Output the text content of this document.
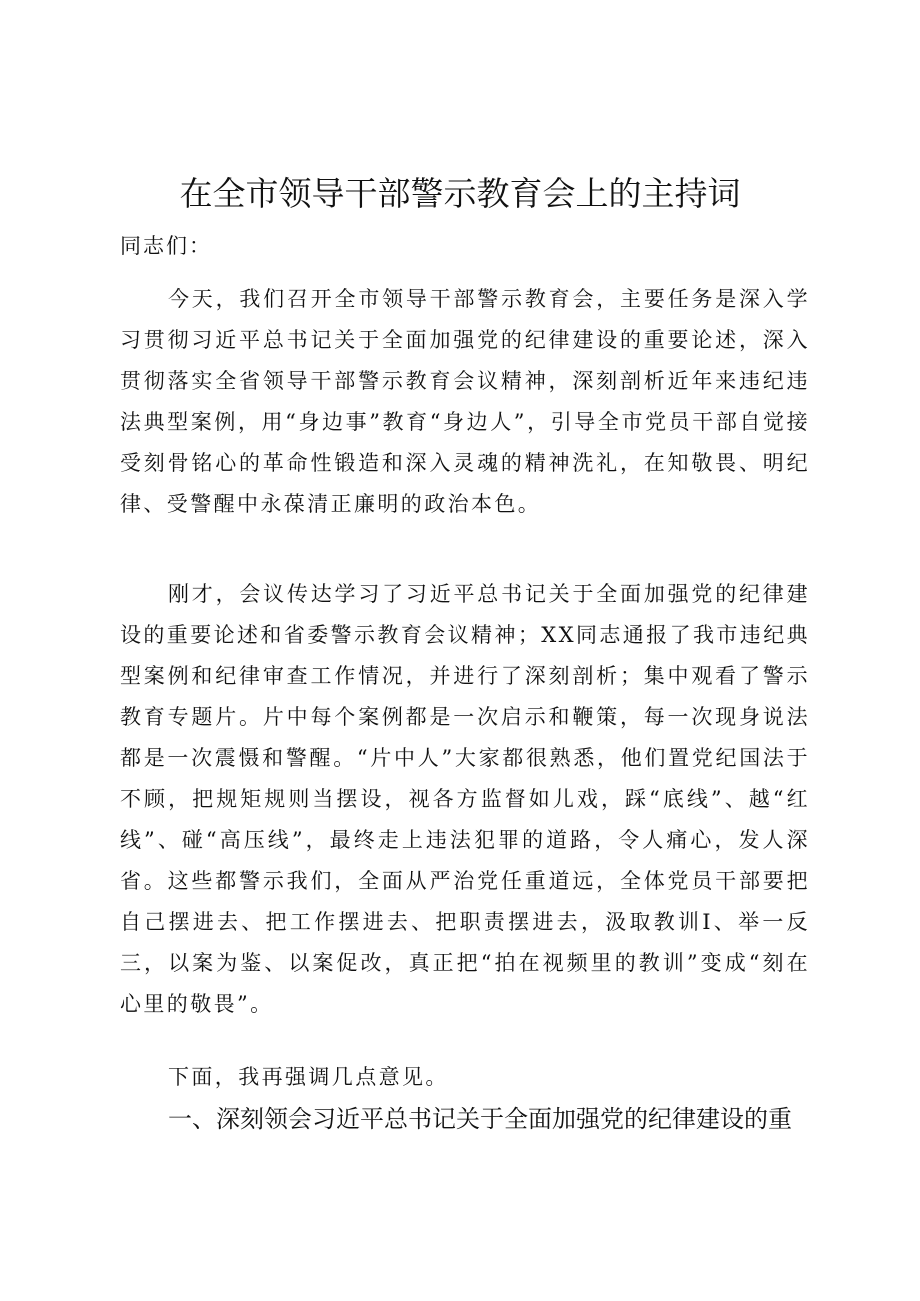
在全市领导干部警示教育会上的主持词

同志们：

今天，我们召开全市领导干部警示教育会，主要任务是深入学习贯彻习近平总书记关于全面加强党的纪律建设的重要论述，深入贯彻落实全省领导干部警示教育会议精神，深刻剖析近年来违纪违法典型案例，用“身边事”教育“身边人”，引导全市党员干部自觉接受刻骨铭心的革命性锻造和深入灵魂的精神洗礼，在知敬畏、明纪律、受警醒中永葆清正廉明的政治本色。

刚才，会议传达学习了习近平总书记关于全面加强党的纪律建设的重要论述和省委警示教育会议精神；XX同志通报了我市违纪典型案例和纪律审查工作情况，并进行了深刻剖析；集中观看了警示教育专题片。片中每个案例都是一次启示和鞭策，每一次现身说法都是一次震慑和警醒。“片中人”大家都很熟悉，他们置党纪国法于不顾，把规矩规则当摆设，视各方监督如儿戏，踩“底线”、越“红线”、碰“高压线”，最终走上违法犯罪的道路，令人痛心，发人深省。这些都警示我们，全面从严治党任重道远，全体党员干部要把自己摆进去、把工作摆进去、把职责摆进去，汲取教训I、举一反三，以案为鉴、以案促改，真正把“拍在视频里的教训”变成“刻在心里的敬畏”。

下面，我再强调几点意见。

一、深刻领会习近平总书记关于全面加强党的纪律建设的重
